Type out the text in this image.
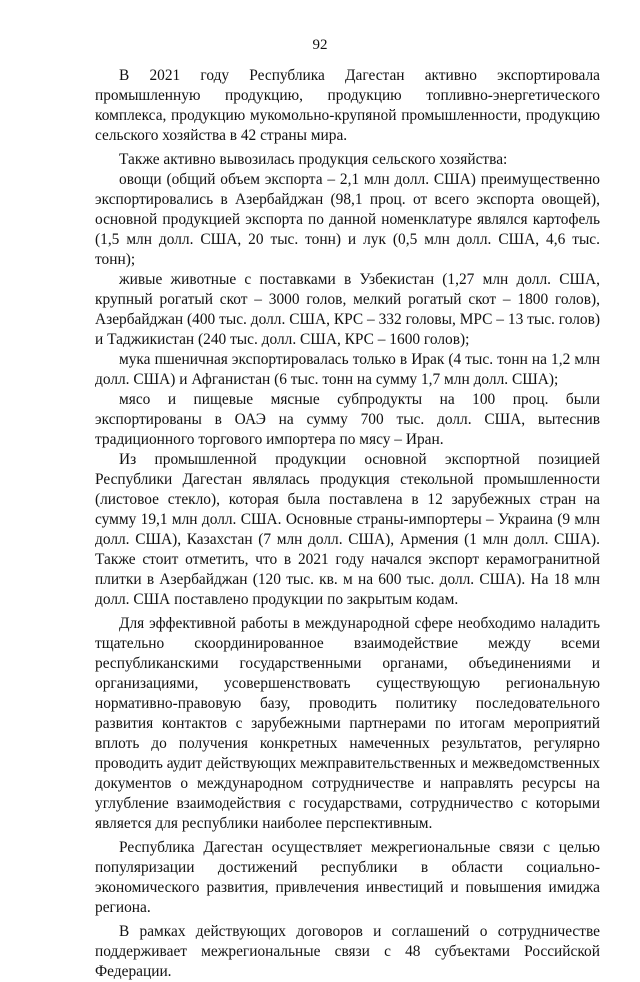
92

В 2021 году Республика Дагестан активно экспортировала промышленную продукцию, продукцию топливно-энергетического комплекса, продукцию мукомольно-крупяной промышленности, продукцию сельского хозяйства в 42 страны мира.

Также активно вывозилась продукция сельского хозяйства:

овощи (общий объем экспорта – 2,1 млн долл. США) преимущественно экспортировались в Азербайджан (98,1 проц. от всего экспорта овощей), основной продукцией экспорта по данной номенклатуре являлся картофель (1,5 млн долл. США, 20 тыс. тонн) и лук (0,5 млн долл. США, 4,6 тыс. тонн);

живые животные с поставками в Узбекистан (1,27 млн долл. США, крупный рогатый скот – 3000 голов, мелкий рогатый скот – 1800 голов), Азербайджан (400 тыс. долл. США, КРС – 332 головы, МРС – 13 тыс. голов) и Таджикистан (240 тыс. долл. США, КРС – 1600 голов);

мука пшеничная экспортировалась только в Ирак (4 тыс. тонн на 1,2 млн долл. США) и Афганистан (6 тыс. тонн на сумму 1,7 млн долл. США);

мясо и пищевые мясные субпродукты на 100 проц. были экспортированы в ОАЭ на сумму 700 тыс. долл. США, вытеснив традиционного торгового импортера по мясу – Иран.

Из промышленной продукции основной экспортной позицией Республики Дагестан являлась продукция стекольной промышленности (листовое стекло), которая была поставлена в 12 зарубежных стран на сумму 19,1 млн долл. США. Основные страны-импортеры – Украина (9 млн долл. США), Казахстан (7 млн долл. США), Армения (1 млн долл. США). Также стоит отметить, что в 2021 году начался экспорт керамогранитной плитки в Азербайджан (120 тыс. кв. м на 600 тыс. долл. США). На 18 млн долл. США поставлено продукции по закрытым кодам.

Для эффективной работы в международной сфере необходимо наладить тщательно скоординированное взаимодействие между всеми республиканскими государственными органами, объединениями и организациями, усовершенствовать существующую региональную нормативно-правовую базу, проводить политику последовательного развития контактов с зарубежными партнерами по итогам мероприятий вплоть до получения конкретных намеченных результатов, регулярно проводить аудит действующих межправительственных и межведомственных документов о международном сотрудничестве и направлять ресурсы на углубление взаимодействия с государствами, сотрудничество с которыми является для республики наиболее перспективным.

Республика Дагестан осуществляет межрегиональные связи с целью популяризации достижений республики в области социально-экономического развития, привлечения инвестиций и повышения имиджа региона.

В рамках действующих договоров и соглашений о сотрудничестве поддерживает межрегиональные связи с 48 субъектами Российской Федерации.
